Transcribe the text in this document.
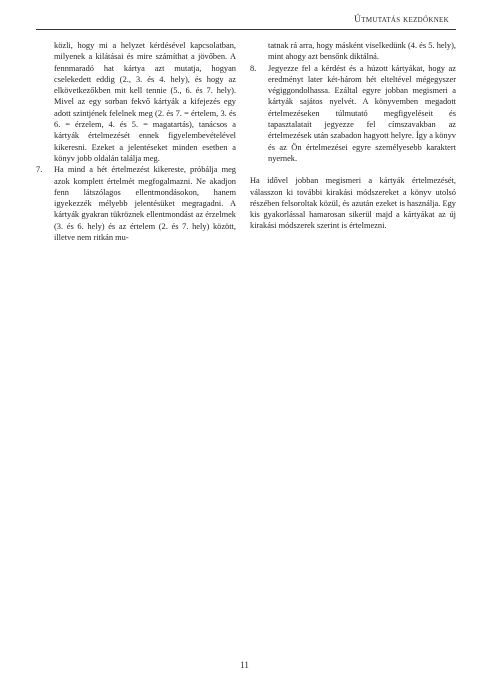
Útmutatás kezdőknek

közli, hogy mi a helyzet kérdésével kapcsolatban, milyenek a kilátásai és mire számíthat a jövőben. A fennmaradó hat kártya azt mutatja, hogyan cselekedett eddig (2., 3. és 4. hely), és hogy az elkövetkezőkben mit kell tennie (5., 6. és 7. hely). Mivel az egy sorban fekvő kártyák a kifejezés egy adott szintjének felelnek meg (2. és 7. = értelem, 3. és 6. = érzelem, 4. és 5. = magatartás), tanácsos a kártyák értelmezését ennek figyelembevételével kikeresni. Ezeket a jelentéseket minden esetben a könyv jobb oldalán találja meg.

7.	Ha mind a hét értelmezést kikereste, próbálja meg azok komplett értelmét megfogalmazni. Ne akadjon fenn látszólagos ellentmondásokon, hanem igyekezzék mélyebb jelentésüket megragadni. A kártyák gyakran tükröznek ellentmondást az érzelmek (3. és 6. hely) és az értelem (2. és 7. hely) között, illetve nem ritkán mu-

tatnak rá arra, hogy másként viselkedünk (4. és 5. hely), mint ahogy azt bensőnk diktálná.

8.	Jegyezze fel a kérdést és a húzott kártyákat, hogy az eredményt later két-három hét elteltével mégegyszer végiggondolhassa. Ezáltal egyre jobban megismeri a kártyák sajátos nyelvét. A könyvemben megadott értelmezéseken túlmutató megfigyeléseit és tapasztalatait jegyezze fel címszavakban az értelmezések után szabadon hagyott helyre. Így a könyv és az Ön értelmezései egyre személyesebb karaktert nyernek.

Ha idővel jobban megismeri a kártyák értelmezését, válasszon ki további kirakási módszereket a könyv utolsó részében felsoroltak közül, és azután ezeket is használja. Egy kis gyakorlással hamarosan sikerül majd a kártyákat az új kirakási módszerek szerint is értelmezni.

11
